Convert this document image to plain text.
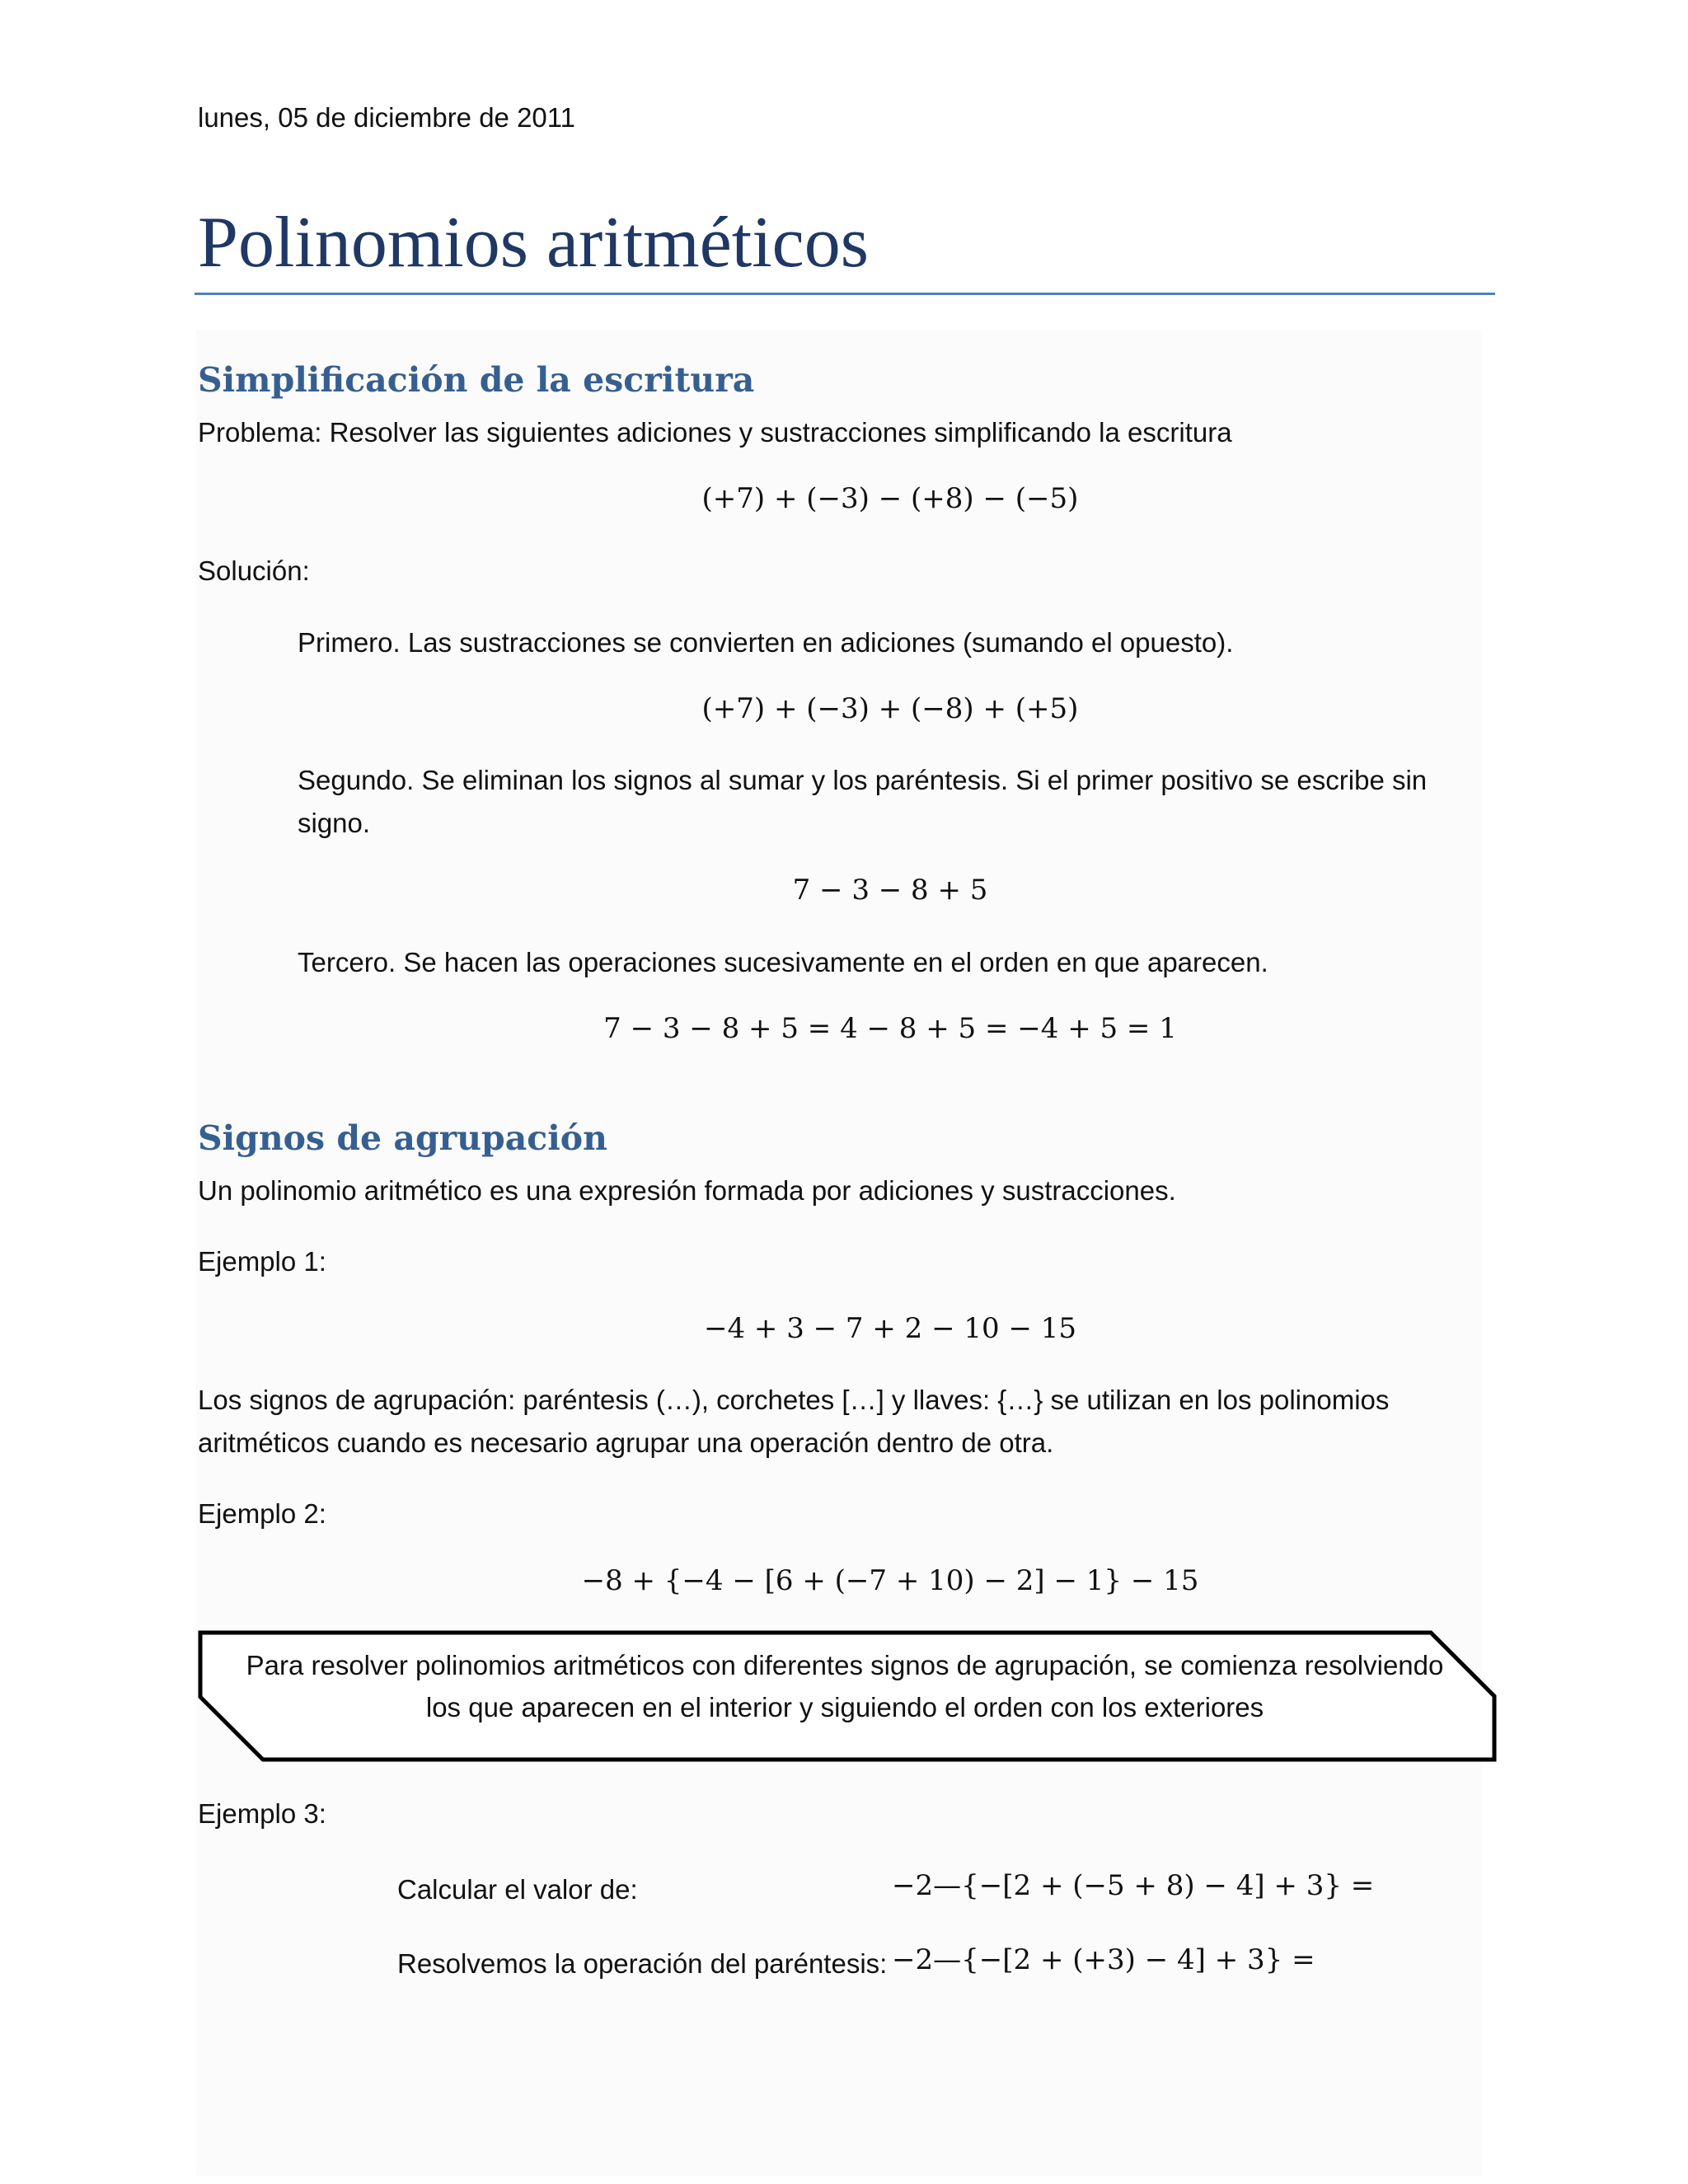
lunes, 05 de diciembre de 2011
Polinomios aritméticos
Simplificación de la escritura
Problema: Resolver las siguientes adiciones y sustracciones simplificando la escritura
(+7) + (−3) − (+8) − (−5)
Solución:
Primero. Las sustracciones se convierten en adiciones (sumando el opuesto).
(+7) + (−3) + (−8) + (+5)
Segundo. Se eliminan los signos al sumar y los paréntesis. Si el primer positivo se escribe sin
signo.
7 − 3 − 8 + 5
Tercero. Se hacen las operaciones sucesivamente en el orden en que aparecen.
7 − 3 − 8 + 5 = 4 − 8 + 5 = −4 + 5 = 1
Signos de agrupación
Un polinomio aritmético es una expresión formada por adiciones y sustracciones.
Ejemplo 1:
−4 + 3 − 7 + 2 − 10 − 15
Los signos de agrupación: paréntesis (…), corchetes […] y llaves: {…} se utilizan en los polinomios
aritméticos cuando es necesario agrupar una operación dentro de otra.
Ejemplo 2:
−8 + {−4 − [6 + (−7 + 10) − 2] − 1} − 15
Para resolver polinomios aritméticos con diferentes signos de agrupación, se comienza resolviendo
los que aparecen en el interior y siguiendo el orden con los exteriores
Ejemplo 3:
Calcular el valor de:	−2—{−[2 + (−5 + 8) − 4] + 3} =
Resolvemos la operación del paréntesis: −2—{−[2 + (+3) − 4] + 3} =
